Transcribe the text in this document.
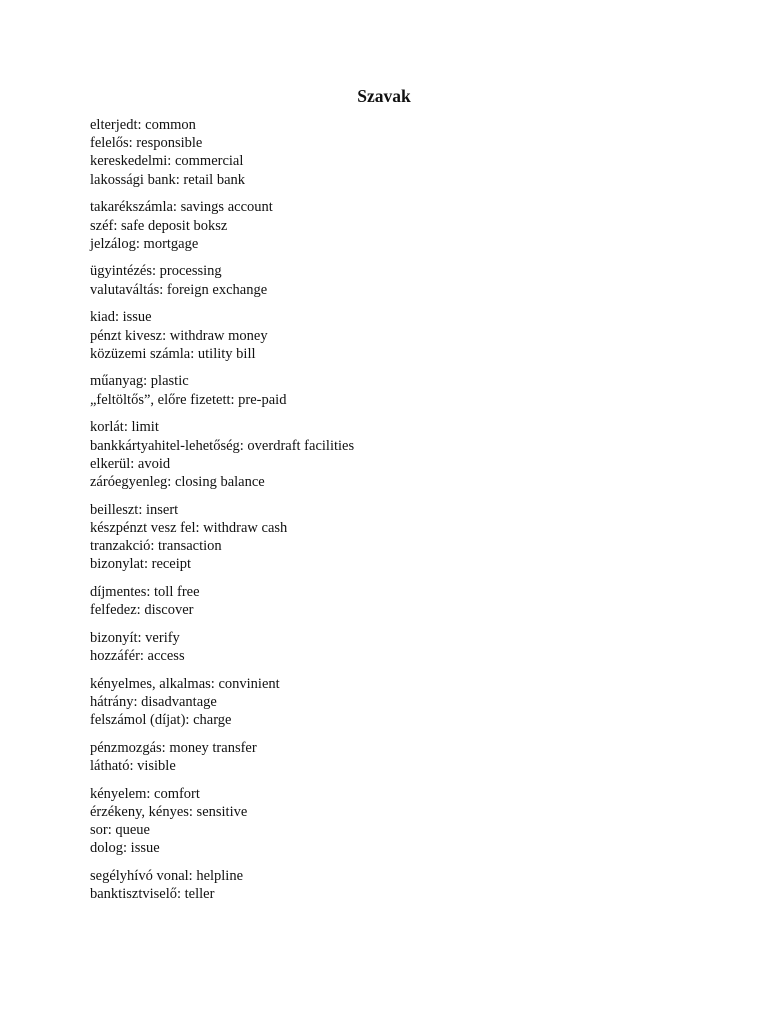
Szavak
elterjedt: common
felelős: responsible
kereskedelmi: commercial
lakossági bank: retail bank
takarékszámla: savings account
széf: safe deposit boksz
jelzálog: mortgage
ügyintézés: processing
valutaváltás: foreign exchange
kiad: issue
pénzt kivesz: withdraw money
közüzemi számla: utility bill
műanyag: plastic
„feltöltős”, előre fizetett: pre-paid
korlát: limit
bankkártyahitel-lehetőség: overdraft facilities
elkerül: avoid
záróegyenleg: closing balance
beilleszt: insert
készpénzt vesz fel: withdraw cash
tranzakció: transaction
bizonylat: receipt
díjmentes: toll free
felfedez: discover
bizonyít: verify
hozzáfér: access
kényelmes, alkalmas: convinient
hátrány: disadvantage
felszámol (díjat): charge
pénzmozgás: money transfer
látható: visible
kényelem: comfort
érzékeny, kényes: sensitive
sor: queue
dolog: issue
segélyhívó vonal: helpline
banktisztviselő: teller
